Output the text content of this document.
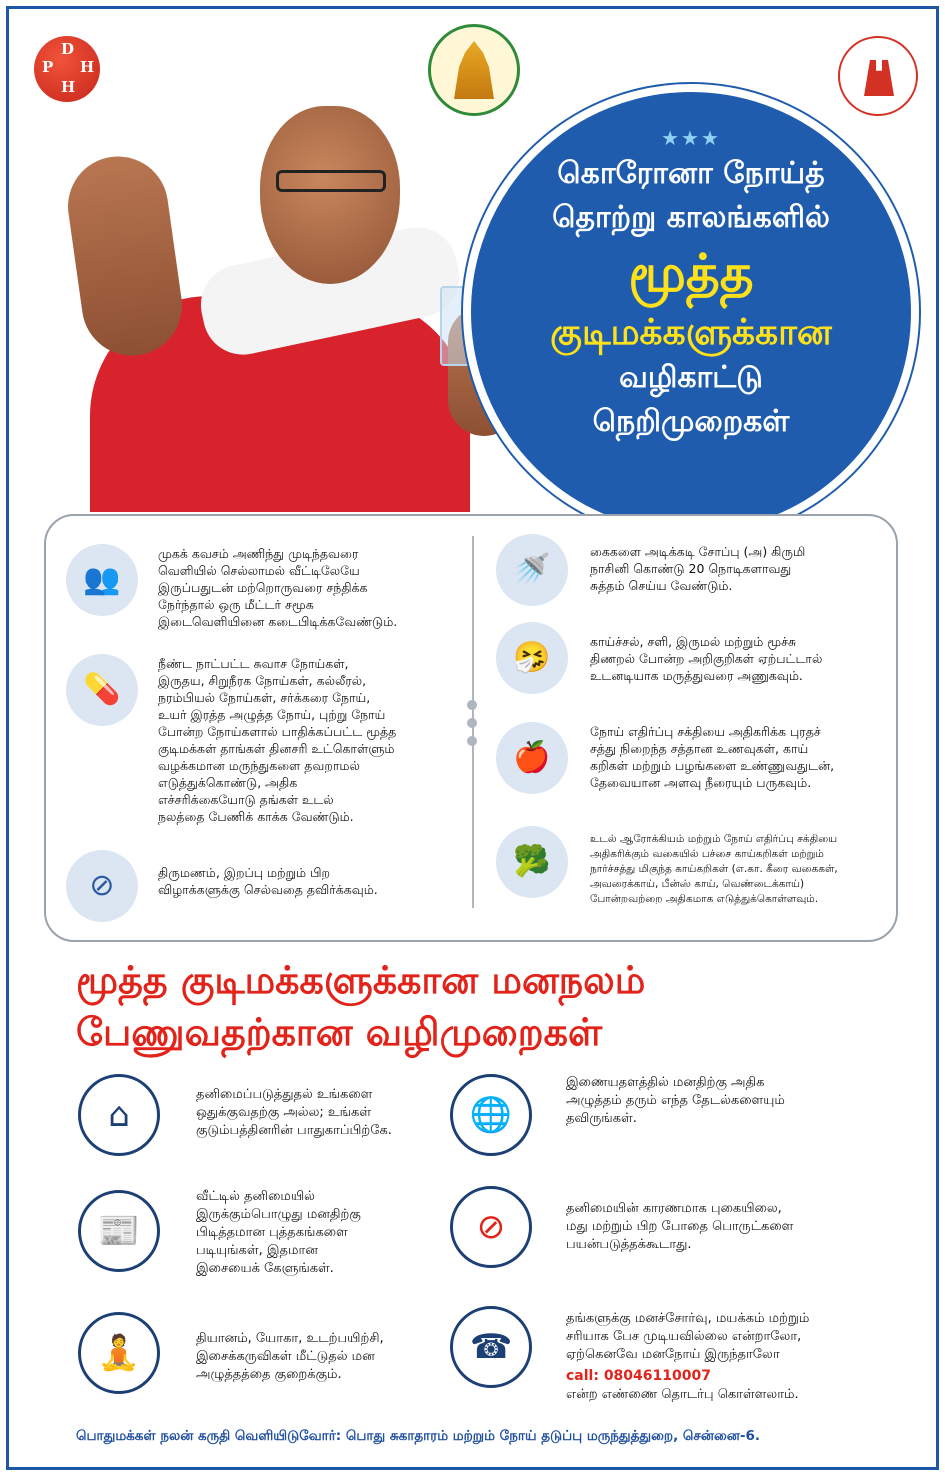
D
P H
H
★★★
கொரோனா நோய்த்
தொற்று காலங்களில்
மூத்த
குடிமக்களுக்கான
வழிகாட்டு
நெறிமுறைகள்
👥
முகக் கவசம் அணிந்து முடிந்தவரை
வெளியில் செல்லாமல் வீட்டிலேயே
இருப்பதுடன் மற்றொருவரை சந்திக்க
நேர்ந்தால் ஒரு மீட்டர் சமூக
இடைவெளியினை கடைபிடிக்கவேண்டும்.
💊
நீண்ட நாட்பட்ட சுவாச நோய்கள்,
இருதய, சிறுநீரக நோய்கள், கல்லீரல்,
நரம்பியல் நோய்கள், சர்க்கரை நோய்,
உயர் இரத்த அழுத்த நோய், புற்று நோய்
போன்ற நோய்களால் பாதிக்கப்பட்ட மூத்த
குடிமக்கள் தாங்கள் தினசரி உட்கொள்ளும்
வழக்கமான மருந்துகளை தவறாமல்
எடுத்துக்கொண்டு, அதிக
எச்சரிக்கையோடு தங்கள் உடல்
நலத்தை பேணிக் காக்க வேண்டும்.
⊘	திருமணம், இறப்பு மற்றும் பிற
விழாக்களுக்கு செல்வதை தவிர்க்கவும்.
🚿
கைகளை அடிக்கடி சோப்பு (அ) கிருமி
நாசினி கொண்டு 20 நொடிகளாவது
சுத்தம் செய்ய வேண்டும்.
🤧	காய்ச்சல், சளி, இருமல் மற்றும் மூச்சு
திணறல் போன்ற அறிகுறிகள் ஏற்பட்டால்
உடனடியாக மருத்துவரை அணுகவும்.
🍎
நோய் எதிர்ப்பு சக்தியை அதிகரிக்க புரதச்
சத்து நிறைந்த சத்தான உணவுகள், காய்
கறிகள் மற்றும் பழங்களை உண்ணுவதுடன்,
தேவையான அளவு நீரையும் பருகவும்.
🥦
உடல் ஆரோக்கியம் மற்றும் நோய் எதிர்ப்பு சக்தியை
அதிகரிக்கும் வகையில் பச்சை காய்கறிகள் மற்றும்
நார்ச்சத்து மிகுந்த காய்கறிகள் (எ.கா. கீரை வகைகள்,
அவரைக்காய், பீன்ஸ் காய், வெண்டைக்காய்)
போன்றவற்றை அதிகமாக எடுத்துக்கொள்ளவும்.
மூத்த குடிமக்களுக்கான மனநலம்
பேணுவதற்கான வழிமுறைகள்
⌂
தனிமைப்படுத்துதல் உங்களை
ஒதுக்குவதற்கு அல்ல; உங்கள்
குடும்பத்தினரின் பாதுகாப்பிற்கே.
📰
வீட்டில் தனிமையில்
இருக்கும்பொழுது மனதிற்கு
பிடித்தமான புத்தகங்களை
படியுங்கள், இதமான
இசையைக் கேளுங்கள்.
🧘	தியானம், யோகா, உடற்பயிற்சி,
இசைக்கருவிகள் மீட்டுதல் மன
அழுத்தத்தை குறைக்கும்.
🌐
இணையதளத்தில் மனதிற்கு அதிக
அழுத்தம் தரும் எந்த தேடல்களையும்
தவிருங்கள்.
⊘	தனிமையின் காரணமாக புகையிலை,
மது மற்றும் பிற போதை பொருட்களை
பயன்படுத்தக்கூடாது.
☎
தங்களுக்கு மனச்சோர்வு, மயக்கம் மற்றும்
சரியாக பேச முடியவில்லை என்றாலோ,
ஏற்கெனவே மனநோய் இருந்தாலோ
call: 08046110007
என்ற எண்ணை தொடர்பு கொள்ளலாம்.
பொதுமக்கள் நலன் கருதி வெளியிடுவோர்: பொது சுகாதாரம் மற்றும் நோய் தடுப்பு மருந்துத்துறை, சென்னை-6.
